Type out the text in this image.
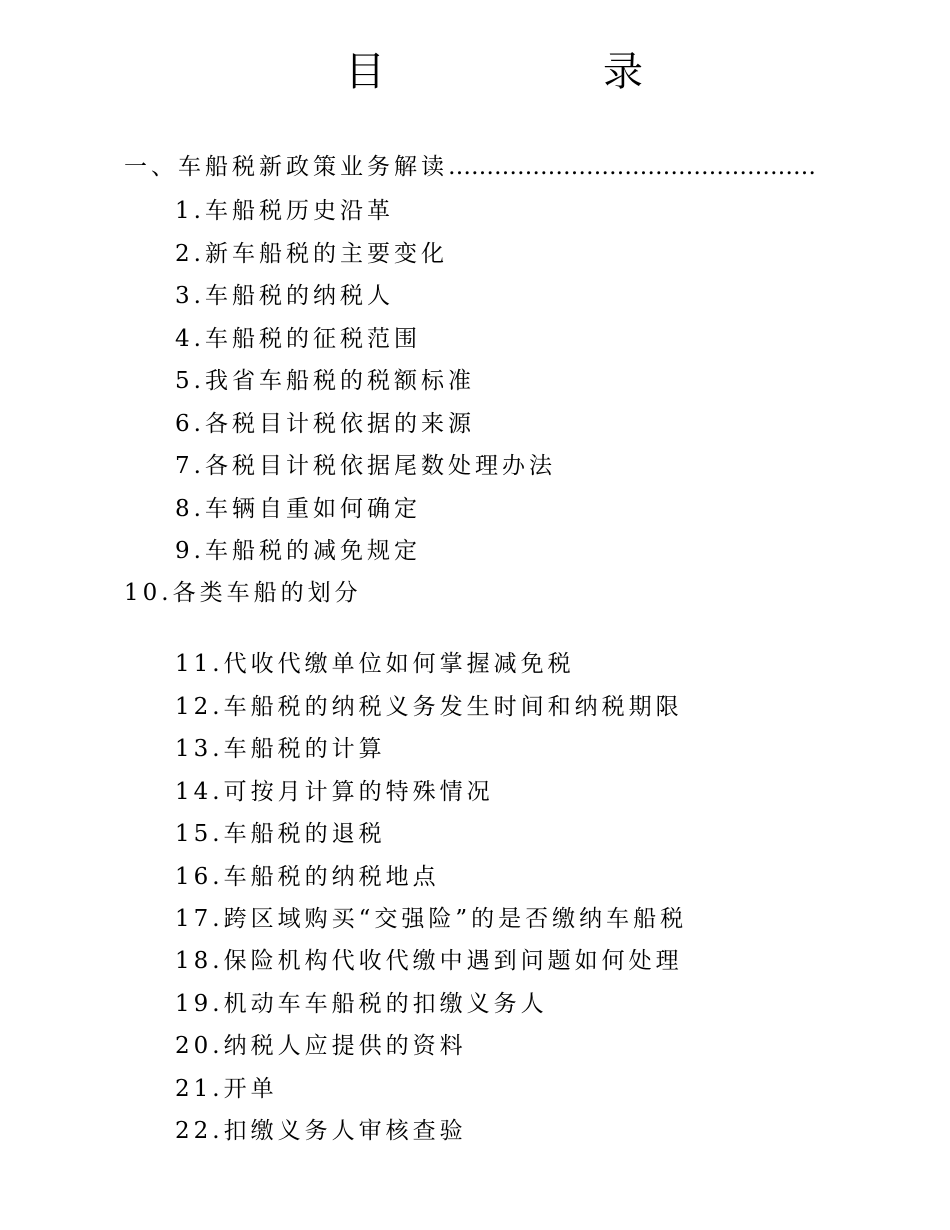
目	录
一、车船税新政策业务解读…………………………………………
1.车船税历史沿革
2.新车船税的主要变化
3.车船税的纳税人
4.车船税的征税范围
5.我省车船税的税额标准
6.各税目计税依据的来源
7.各税目计税依据尾数处理办法
8.车辆自重如何确定
9.车船税的减免规定
10.各类车船的划分
11.代收代缴单位如何掌握减免税
12.车船税的纳税义务发生时间和纳税期限
13.车船税的计算
14.可按月计算的特殊情况
15.车船税的退税
16.车船税的纳税地点
17.跨区域购买“交强险”的是否缴纳车船税
18.保险机构代收代缴中遇到问题如何处理
19.机动车车船税的扣缴义务人
20.纳税人应提供的资料
21.开单
22.扣缴义务人审核查验
